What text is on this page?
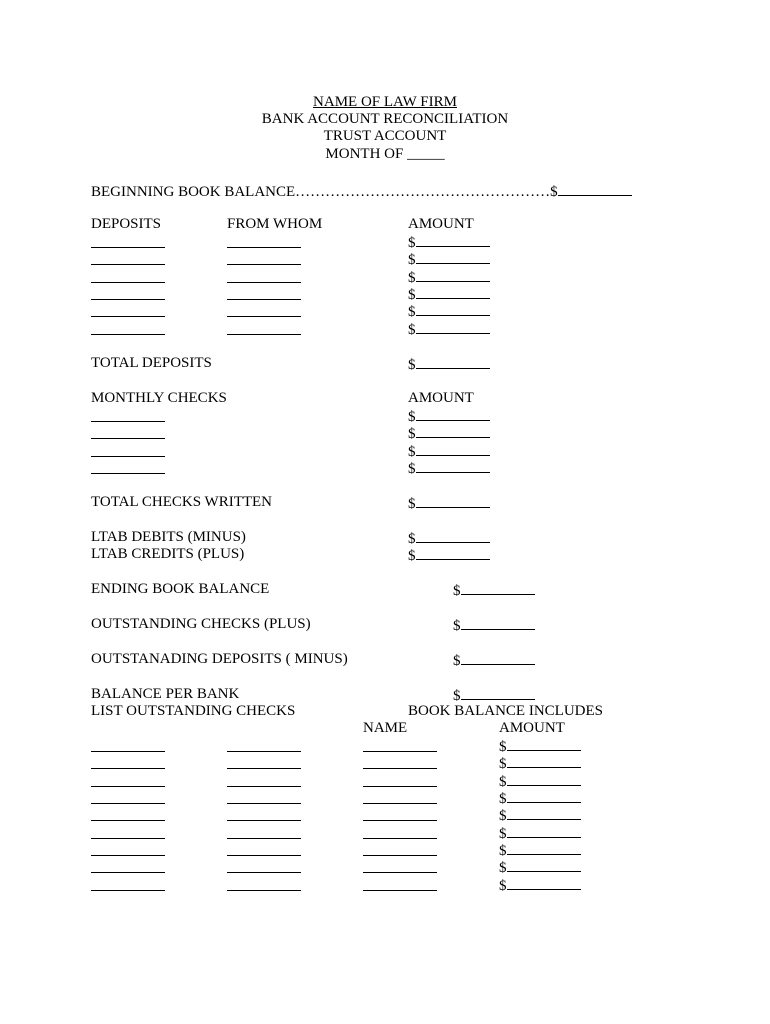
NAME OF LAW FIRM
BANK ACCOUNT RECONCILIATION
TRUST ACCOUNT
MONTH OF _____
BEGINNING BOOK BALANCE……………………………………………$
DEPOSITS	FROM WHOM	AMOUNT
$
$
$
$
$
$
TOTAL DEPOSITS	$
MONTHLY CHECKS	AMOUNT
$
$
$
$
TOTAL CHECKS WRITTEN	$
LTAB DEBITS (MINUS)	$
LTAB CREDITS (PLUS)	$
ENDING BOOK BALANCE	$
OUTSTANDING CHECKS (PLUS)	$
OUTSTANADING DEPOSITS ( MINUS)	$
BALANCE PER BANK	$
LIST OUTSTANDING CHECKS	BOOK BALANCE INCLUDES
NAME	AMOUNT
$
$
$
$
$
$
$
$
$
